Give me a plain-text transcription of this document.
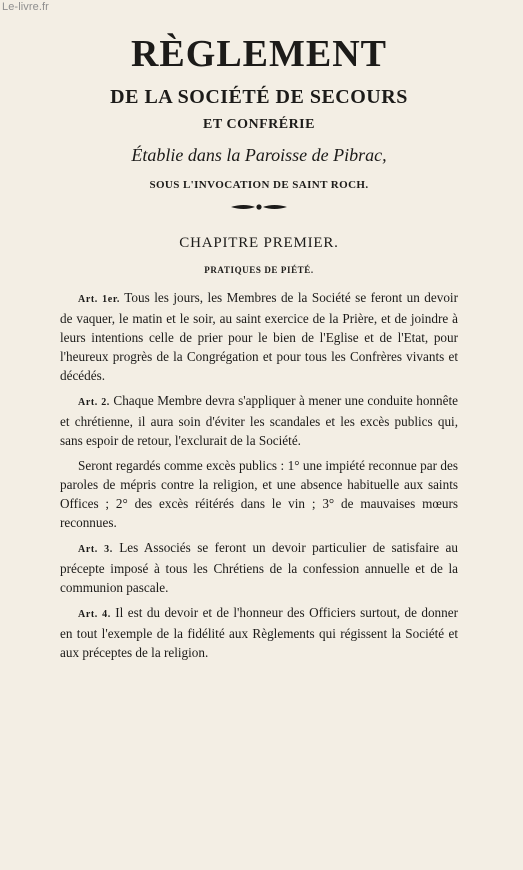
RÈGLEMENT
DE LA SOCIÉTÉ DE SECOURS
ET CONFRÉRIE
Établie dans la Paroisse de Pibrac,
SOUS L'INVOCATION DE SAINT ROCH.
CHAPITRE PREMIER.
PRATIQUES DE PIÉTÉ.

Art. 1er. Tous les jours, les Membres de la Société se feront un devoir de vaquer, le matin et le soir, au saint exercice de la Prière, et de joindre à leurs intentions celle de prier pour le bien de l'Eglise et de l'Etat, pour l'heureux progrès de la Congrégation et pour tous les Confrères vivants et décédés.

Art. 2. Chaque Membre devra s'appliquer à mener une conduite honnête et chrétienne, il aura soin d'éviter les scandales et les excès publics qui, sans espoir de retour, l'exclurait de la Société.

Seront regardés comme excès publics : 1° une impiété reconnue par des paroles de mépris contre la religion, et une absence habituelle aux saints Offices ; 2° des excès réitérés dans le vin ; 3° de mauvaises mœurs reconnues.

Art. 3. Les Associés se feront un devoir particulier de satisfaire au précepte imposé à tous les Chrétiens de la confession annuelle et de la communion pascale.

Art. 4. Il est du devoir et de l'honneur des Officiers surtout, de donner en tout l'exemple de la fidélité aux Règlements qui régissent la Société et aux préceptes de la religion.

Le-livre.fr
